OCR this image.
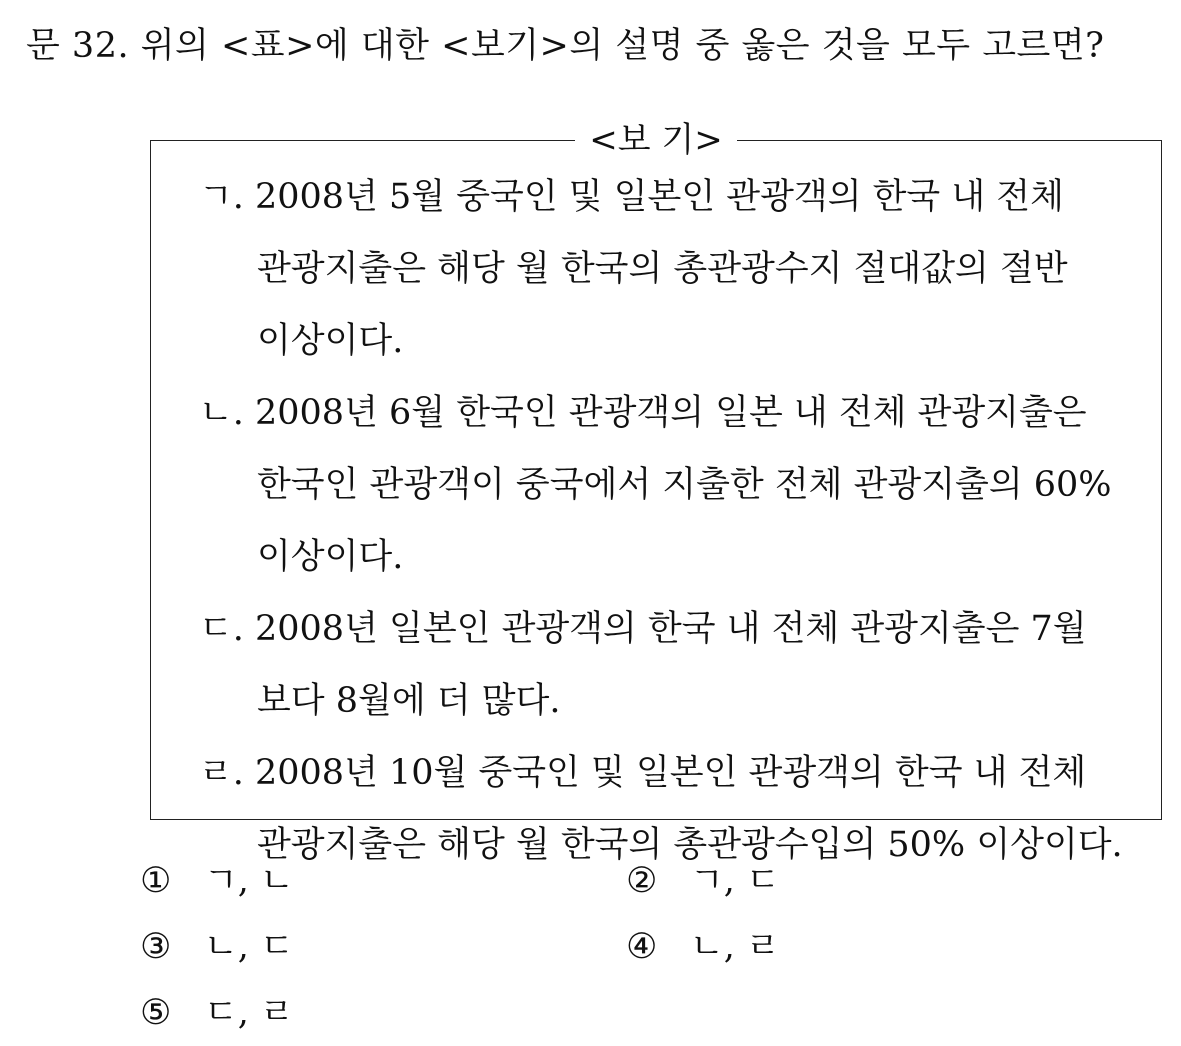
문 32. 위의 <표>에 대한 <보기>의 설명 중 옳은 것을 모두 고르면?
<보 기>
ㄱ. 2008년 5월 중국인 및 일본인 관광객의 한국 내 전체
관광지출은 해당 월 한국의 총관광수지 절대값의 절반
이상이다.
ㄴ. 2008년 6월 한국인 관광객의 일본 내 전체 관광지출은
한국인 관광객이 중국에서 지출한 전체 관광지출의 60%
이상이다.
ㄷ. 2008년 일본인 관광객의 한국 내 전체 관광지출은 7월
보다 8월에 더 많다.
ㄹ. 2008년 10월 중국인 및 일본인 관광객의 한국 내 전체
관광지출은 해당 월 한국의 총관광수입의 50% 이상이다.
① ㄱ, ㄴ	② ㄱ, ㄷ
③ ㄴ, ㄷ	④ ㄴ, ㄹ
⑤ ㄷ, ㄹ
